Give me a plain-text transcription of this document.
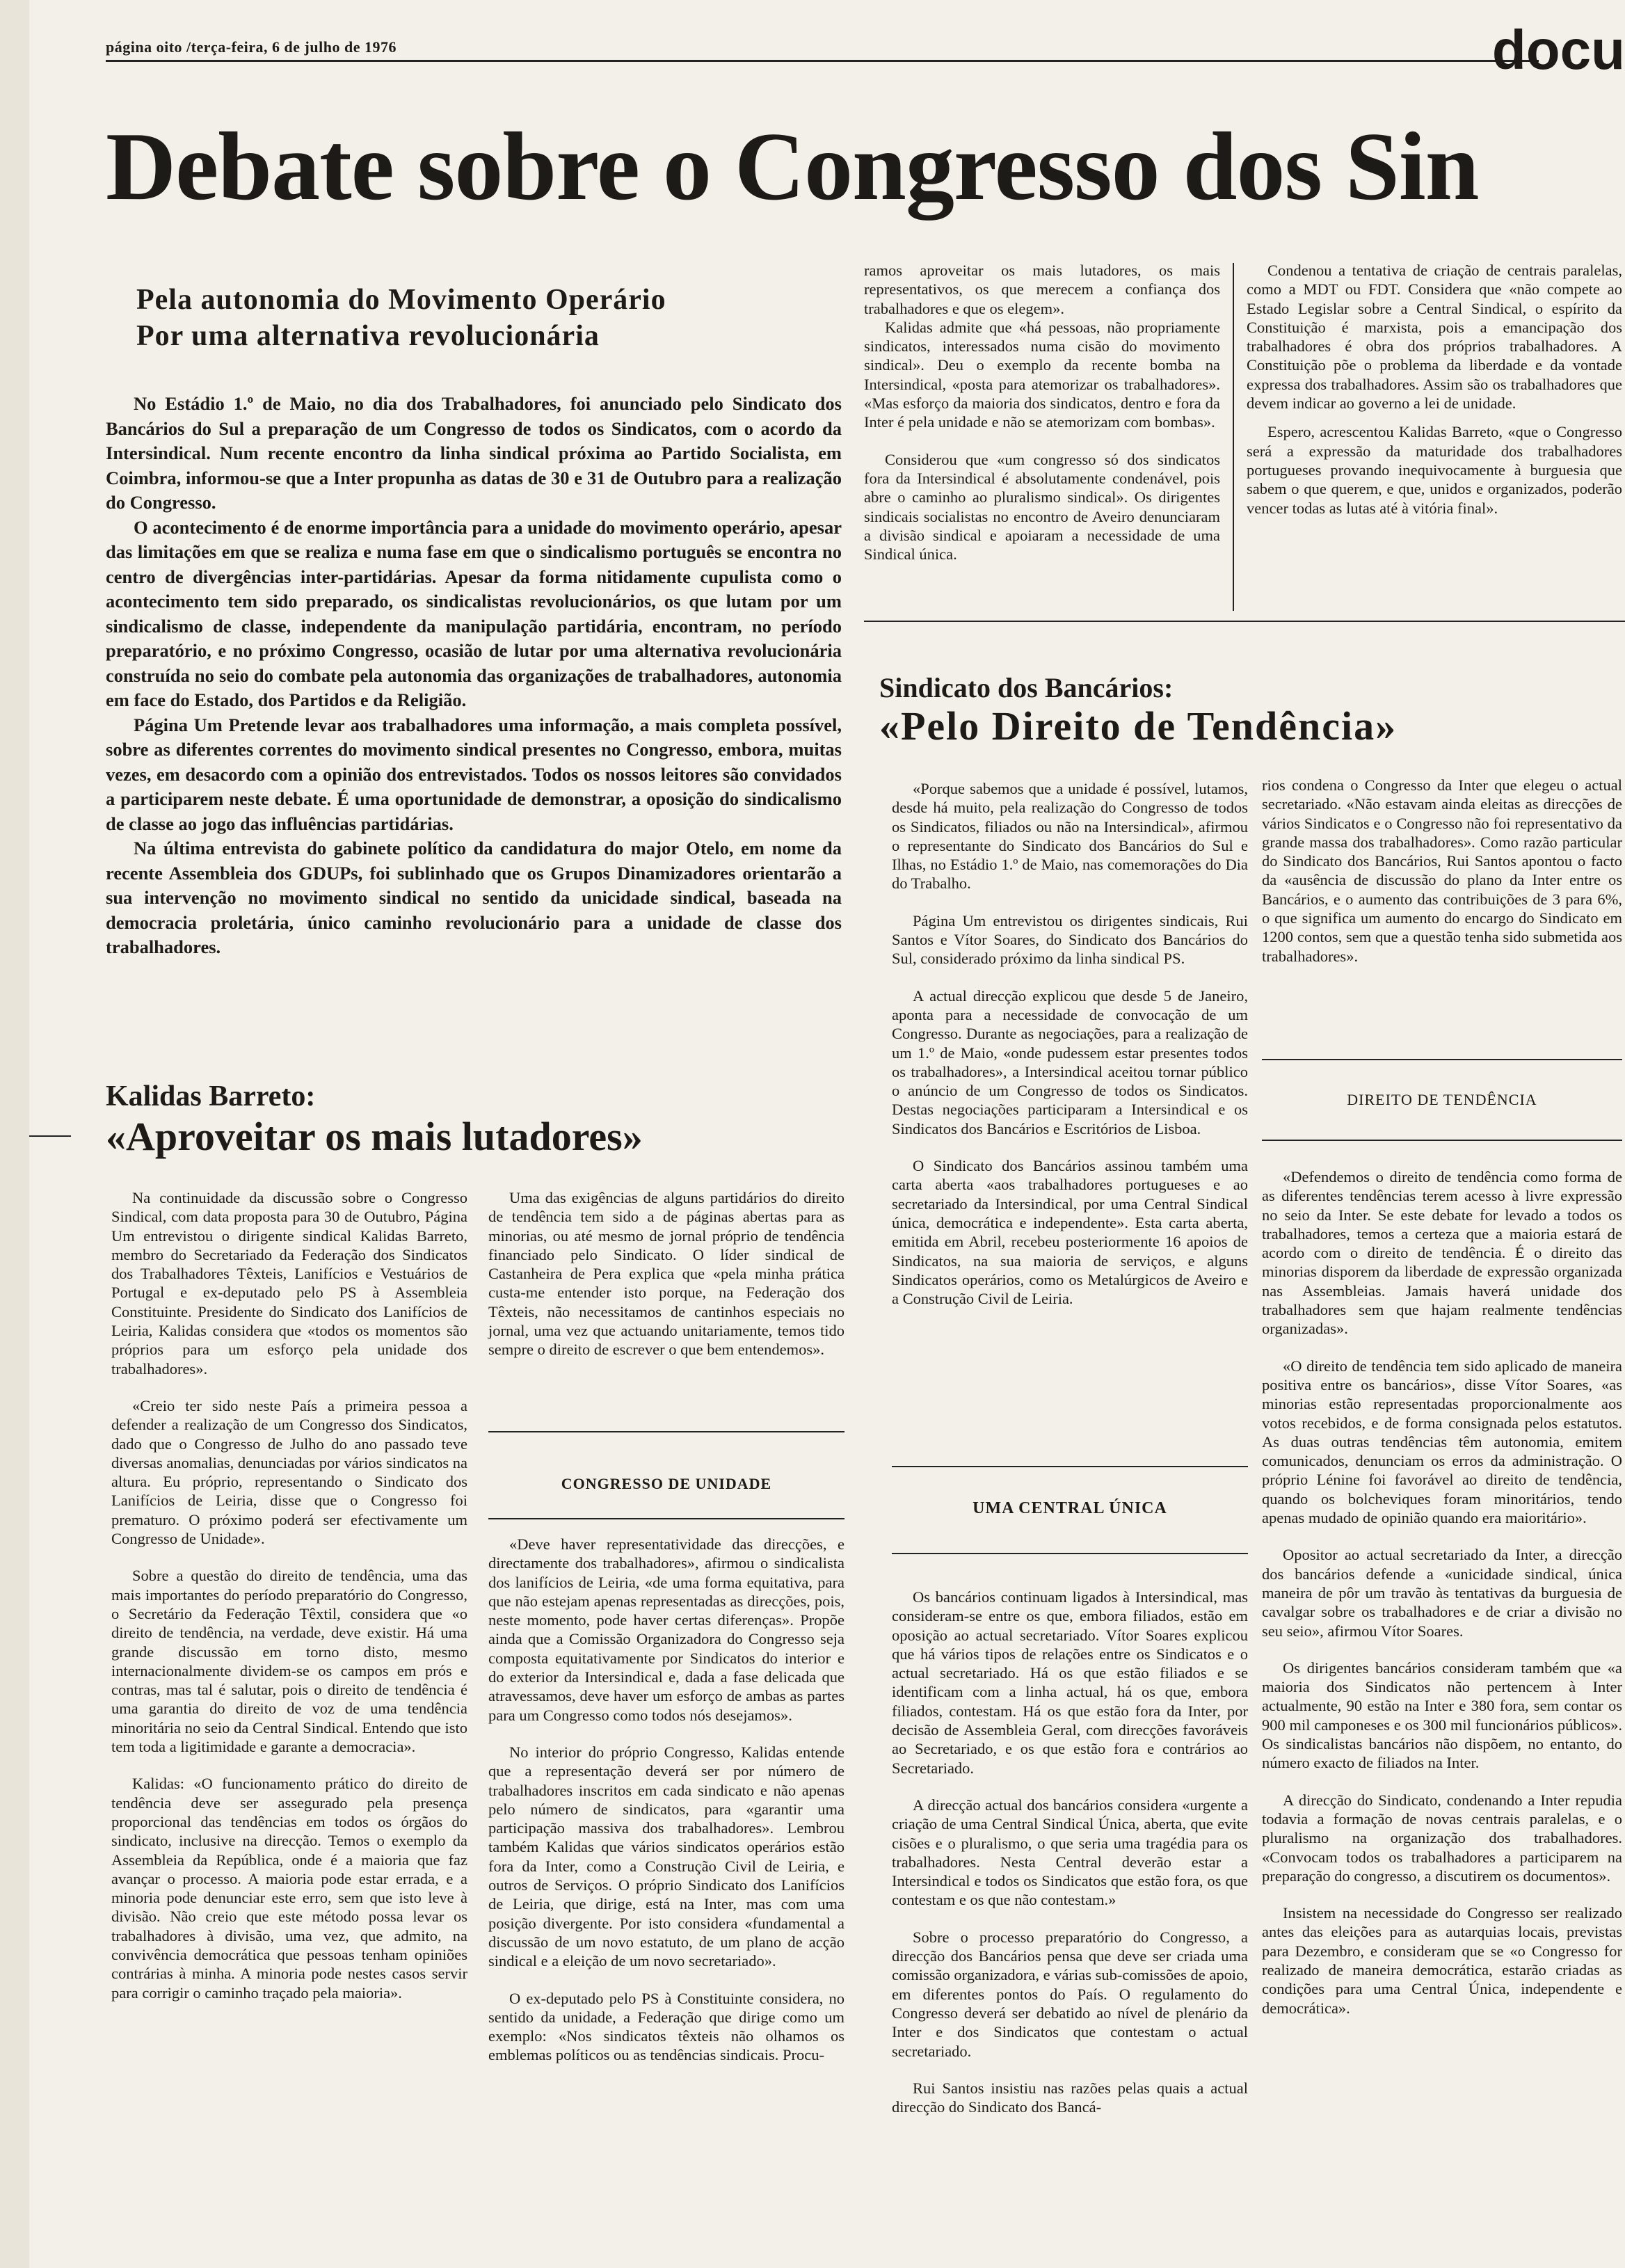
página oito /terça-feira, 6 de julho de 1976	docu
Debate sobre o Congresso dos Sin
Pela autonomia do Movimento Operário
Por uma alternativa revolucionária

No Estádio 1.º de Maio, no dia dos Trabalhadores, foi anunciado pelo Sindicato dos Bancários do Sul a preparação de um Congresso de todos os Sindicatos, com o acordo da Intersindical. Num recente encontro da linha sindical próxima ao Partido Socialista, em Coimbra, informou-se que a Inter propunha as datas de 30 e 31 de Outubro para a realização do Congresso.

O acontecimento é de enorme importância para a unidade do movimento operário, apesar das limitações em que se realiza e numa fase em que o sindicalismo português se encontra no centro de divergências inter-partidárias. Apesar da forma nitidamente cupulista como o acontecimento tem sido preparado, os sindicalistas revolucionários, os que lutam por um sindicalismo de classe, independente da manipulação partidária, encontram, no período preparatório, e no próximo Congresso, ocasião de lutar por uma alternativa revolucionária construída no seio do combate pela autonomia das organizações de trabalhadores, autonomia em face do Estado, dos Partidos e da Religião.

Página Um Pretende levar aos trabalhadores uma informação, a mais completa possível, sobre as diferentes correntes do movimento sindical presentes no Congresso, embora, muitas vezes, em desacordo com a opinião dos entrevistados. Todos os nossos leitores são convidados a participarem neste debate. É uma oportunidade de demonstrar, a oposição do sindicalismo de classe ao jogo das influências partidárias.

Na última entrevista do gabinete político da candidatura do major Otelo, em nome da recente Assembleia dos GDUPs, foi sublinhado que os Grupos Dinamizadores orientarão a sua intervenção no movimento sindical no sentido da unicidade sindical, baseada na democracia proletária, único caminho revolucionário para a unidade de classe dos trabalhadores.

Kalidas Barreto:
«Aproveitar os mais lutadores»

Na continuidade da discussão sobre o Congresso Sindical, com data proposta para 30 de Outubro, Página Um entrevistou o dirigente sindical Kalidas Barreto, membro do Secretariado da Federação dos Sindicatos dos Trabalhadores Têxteis, Lanifícios e Vestuários de Portugal e ex-deputado pelo PS à Assembleia Constituinte. Presidente do Sindicato dos Lanifícios de Leiria, Kalidas considera que «todos os momentos são próprios para um esforço pela unidade dos trabalhadores».

«Creio ter sido neste País a primeira pessoa a defender a realização de um Congresso dos Sindicatos, dado que o Congresso de Julho do ano passado teve diversas anomalias, denunciadas por vários sindicatos na altura. Eu próprio, representando o Sindicato dos Lanifícios de Leiria, disse que o Congresso foi prematuro. O próximo poderá ser efectivamente um Congresso de Unidade».

Sobre a questão do direito de tendência, uma das mais importantes do período preparatório do Congresso, o Secretário da Federação Têxtil, considera que «o direito de tendência, na verdade, deve existir. Há uma grande discussão em torno disto, mesmo internacionalmente dividem-se os campos em prós e contras, mas tal é salutar, pois o direito de tendência é uma garantia do direito de voz de uma tendência minoritária no seio da Central Sindical. Entendo que isto tem toda a ligitimidade e garante a democracia».

Kalidas: «O funcionamento prático do direito de tendência deve ser assegurado pela presença proporcional das tendências em todos os órgãos do sindicato, inclusive na direcção. Temos o exemplo da Assembleia da República, onde é a maioria que faz avançar o processo. A maioria pode estar errada, e a minoria pode denunciar este erro, sem que isto leve à divisão. Não creio que este método possa levar os trabalhadores à divisão, uma vez, que admito, na convivência democrática que pessoas tenham opiniões contrárias à minha. A minoria pode nestes casos servir para corrigir o caminho traçado pela maioria».

Uma das exigências de alguns partidários do direito de tendência tem sido a de páginas abertas para as minorias, ou até mesmo de jornal próprio de tendência financiado pelo Sindicato. O líder sindical de Castanheira de Pera explica que «pela minha prática custa-me entender isto porque, na Federação dos Têxteis, não necessitamos de cantinhos especiais no jornal, uma vez que actuando unitariamente, temos tido sempre o direito de escrever o que bem entendemos».

CONGRESSO DE UNIDADE

«Deve haver representatividade das direcções, e directamente dos trabalhadores», afirmou o sindicalista dos lanifícios de Leiria, «de uma forma equitativa, para que não estejam apenas representadas as direcções, pois, neste momento, pode haver certas diferenças». Propõe ainda que a Comissão Organizadora do Congresso seja composta equitativamente por Sindicatos do interior e do exterior da Intersindical e, dada a fase delicada que atravessamos, deve haver um esforço de ambas as partes para um Congresso como todos nós desejamos».

No interior do próprio Congresso, Kalidas entende que a representação deverá ser por número de trabalhadores inscritos em cada sindicato e não apenas pelo número de sindicatos, para «garantir uma participação massiva dos trabalhadores». Lembrou também Kalidas que vários sindicatos operários estão fora da Inter, como a Construção Civil de Leiria, e outros de Serviços. O próprio Sindicato dos Lanifícios de Leiria, que dirige, está na Inter, mas com uma posição divergente. Por isto considera «fundamental a discussão de um novo estatuto, de um plano de acção sindical e a eleição de um novo secretariado».

O ex-deputado pelo PS à Constituinte considera, no sentido da unidade, a Federação que dirige como um exemplo: «Nos sindicatos têxteis não olhamos os emblemas políticos ou as tendências sindicais. Procu-

ramos aproveitar os mais lutadores, os mais representativos, os que merecem a confiança dos trabalhadores e que os elegem».

Kalidas admite que «há pessoas, não propriamente sindicatos, interessados numa cisão do movimento sindical». Deu o exemplo da recente bomba na Intersindical, «posta para atemorizar os trabalhadores». «Mas esforço da maioria dos sindicatos, dentro e fora da Inter é pela unidade e não se atemorizam com bombas».

Considerou que «um congresso só dos sindicatos fora da Intersindical é absolutamente condenável, pois abre o caminho ao pluralismo sindical». Os dirigentes sindicais socialistas no encontro de Aveiro denunciaram a divisão sindical e apoiaram a necessidade de uma Sindical única.

Condenou a tentativa de criação de centrais paralelas, como a MDT ou FDT. Considera que «não compete ao Estado Legislar sobre a Central Sindical, o espírito da Constituição é marxista, pois a emancipação dos trabalhadores é obra dos próprios trabalhadores. A Constituição põe o problema da liberdade e da vontade expressa dos trabalhadores. Assim são os trabalhadores que devem indicar ao governo a lei de unidade.

Espero, acrescentou Kalidas Barreto, «que o Congresso será a expressão da maturidade dos trabalhadores portugueses provando inequivocamente à burguesia que sabem o que querem, e que, unidos e organizados, poderão vencer todas as lutas até à vitória final».

Sindicato dos Bancários:
«Pelo Direito de Tendência»

«Porque sabemos que a unidade é possível, lutamos, desde há muito, pela realização do Congresso de todos os Sindicatos, filiados ou não na Intersindical», afirmou o representante do Sindicato dos Bancários do Sul e Ilhas, no Estádio 1.º de Maio, nas comemorações do Dia do Trabalho.

Página Um entrevistou os dirigentes sindicais, Rui Santos e Vítor Soares, do Sindicato dos Bancários do Sul, considerado próximo da linha sindical PS.

A actual direcção explicou que desde 5 de Janeiro, aponta para a necessidade de convocação de um Congresso. Durante as negociações, para a realização de um 1.º de Maio, «onde pudessem estar presentes todos os trabalhadores», a Intersindical aceitou tornar público o anúncio de um Congresso de todos os Sindicatos. Destas negociações participaram a Intersindical e os Sindicatos dos Bancários e Escritórios de Lisboa.

O Sindicato dos Bancários assinou também uma carta aberta «aos trabalhadores portugueses e ao secretariado da Intersindical, por uma Central Sindical única, democrática e independente». Esta carta aberta, emitida em Abril, recebeu posteriormente 16 apoios de Sindicatos, na sua maioria de serviços, e alguns Sindicatos operários, como os Metalúrgicos de Aveiro e a Construção Civil de Leiria.

UMA CENTRAL ÚNICA

Os bancários continuam ligados à Intersindical, mas consideram-se entre os que, embora filiados, estão em oposição ao actual secretariado. Vítor Soares explicou que há vários tipos de relações entre os Sindicatos e o actual secretariado. Há os que estão filiados e se identificam com a linha actual, há os que, embora filiados, contestam. Há os que estão fora da Inter, por decisão de Assembleia Geral, com direcções favoráveis ao Secretariado, e os que estão fora e contrários ao Secretariado.

A direcção actual dos bancários considera «urgente a criação de uma Central Sindical Única, aberta, que evite cisões e o pluralismo, o que seria uma tragédia para os trabalhadores. Nesta Central deverão estar a Intersindical e todos os Sindicatos que estão fora, os que contestam e os que não contestam.»

Sobre o processo preparatório do Congresso, a direcção dos Bancários pensa que deve ser criada uma comissão organizadora, e várias sub-comissões de apoio, em diferentes pontos do País. O regulamento do Congresso deverá ser debatido ao nível de plenário da Inter e dos Sindicatos que contestam o actual secretariado.

Rui Santos insistiu nas razões pelas quais a actual direcção do Sindicato dos Bancá-

rios condena o Congresso da Inter que elegeu o actual secretariado. «Não estavam ainda eleitas as direcções de vários Sindicatos e o Congresso não foi representativo da grande massa dos trabalhadores». Como razão particular do Sindicato dos Bancários, Rui Santos apontou o facto da «ausência de discussão do plano da Inter entre os Bancários, e o aumento das contribuições de 3 para 6%, o que significa um aumento do encargo do Sindicato em 1200 contos, sem que a questão tenha sido submetida aos trabalhadores».

DIREITO DE TENDÊNCIA

«Defendemos o direito de tendência como forma de as diferentes tendências terem acesso à livre expressão no seio da Inter. Se este debate for levado a todos os trabalhadores, temos a certeza que a maioria estará de acordo com o direito de tendência. É o direito das minorias disporem da liberdade de expressão organizada nas Assembleias. Jamais haverá unidade dos trabalhadores sem que hajam realmente tendências organizadas».

«O direito de tendência tem sido aplicado de maneira positiva entre os bancários», disse Vítor Soares, «as minorias estão representadas proporcionalmente aos votos recebidos, e de forma consignada pelos estatutos. As duas outras tendências têm autonomia, emitem comunicados, denunciam os erros da administração. O próprio Lénine foi favorável ao direito de tendência, quando os bolcheviques foram minoritários, tendo apenas mudado de opinião quando era maioritário».

Opositor ao actual secretariado da Inter, a direcção dos bancários defende a «unicidade sindical, única maneira de pôr um travão às tentativas da burguesia de cavalgar sobre os trabalhadores e de criar a divisão no seu seio», afirmou Vítor Soares.

Os dirigentes bancários consideram também que «a maioria dos Sindicatos não pertencem à Inter actualmente, 90 estão na Inter e 380 fora, sem contar os 900 mil camponeses e os 300 mil funcionários públicos». Os sindicalistas bancários não dispõem, no entanto, do número exacto de filiados na Inter.

A direcção do Sindicato, condenando a Inter repudia todavia a formação de novas centrais paralelas, e o pluralismo na organização dos trabalhadores. «Convocam todos os trabalhadores a participarem na preparação do congresso, a discutirem os documentos».

Insistem na necessidade do Congresso ser realizado antes das eleições para as autarquias locais, previstas para Dezembro, e consideram que se «o Congresso for realizado de maneira democrática, estarão criadas as condições para uma Central Única, independente e democrática».
